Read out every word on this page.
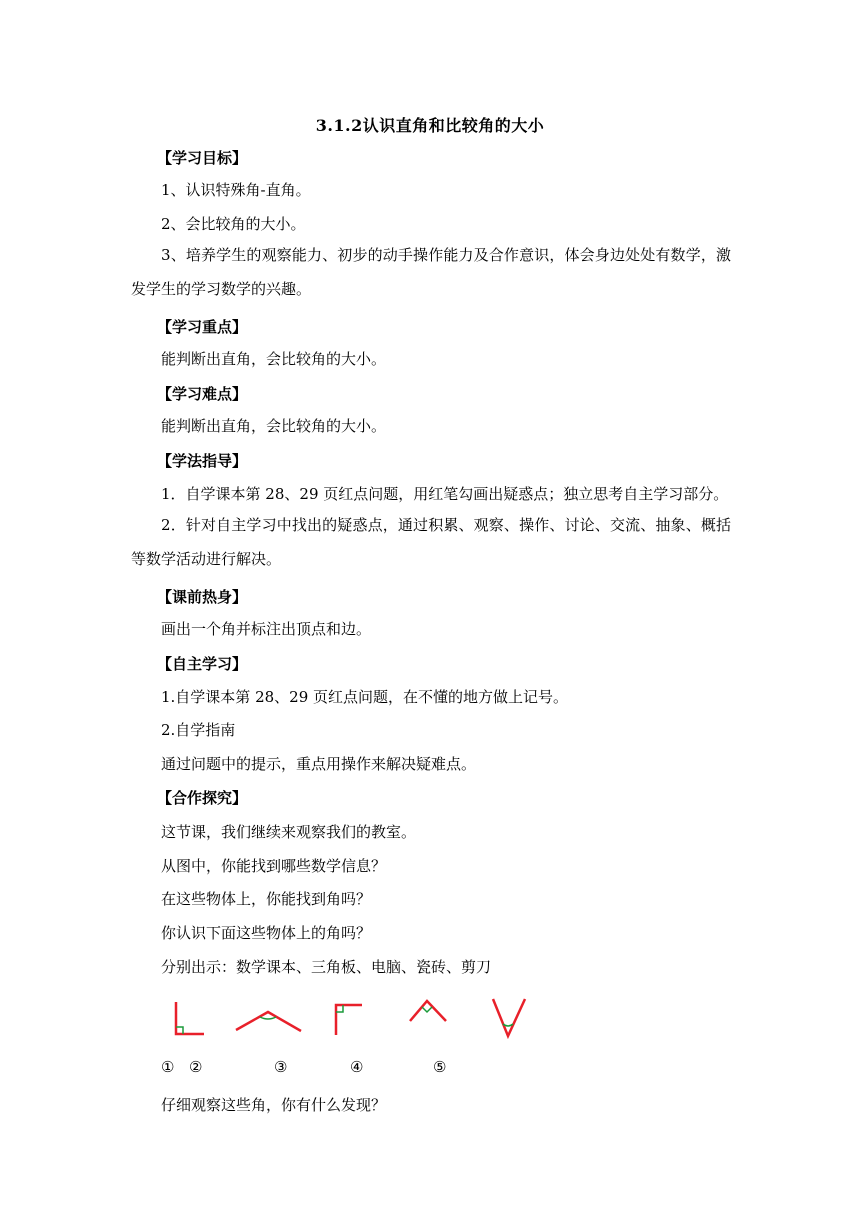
3.1.2认识直角和比较角的大小
【学习目标】
1、认识特殊角-直角。
2、会比较角的大小。
3、培养学生的观察能力、初步的动手操作能力及合作意识，体会身边处处有数学，激发学生的学习数学的兴趣。
【学习重点】
能判断出直角，会比较角的大小。
【学习难点】
能判断出直角，会比较角的大小。
【学法指导】
1．自学课本第 28、29 页红点问题，用红笔勾画出疑惑点；独立思考自主学习部分。
2．针对自主学习中找出的疑惑点，通过积累、观察、操作、讨论、交流、抽象、概括等数学活动进行解决。
【课前热身】
画出一个角并标注出顶点和边。
【自主学习】
1.自学课本第 28、29 页红点问题，在不懂的地方做上记号。
2.自学指南
通过问题中的提示，重点用操作来解决疑难点。
【合作探究】
这节课，我们继续来观察我们的教室。
从图中，你能找到哪些数学信息？
在这些物体上，你能找到角吗？
你认识下面这些物体上的角吗？
分别出示：数学课本、三角板、电脑、瓷砖、剪刀
① ②	③	④	⑤
仔细观察这些角，你有什么发现？
